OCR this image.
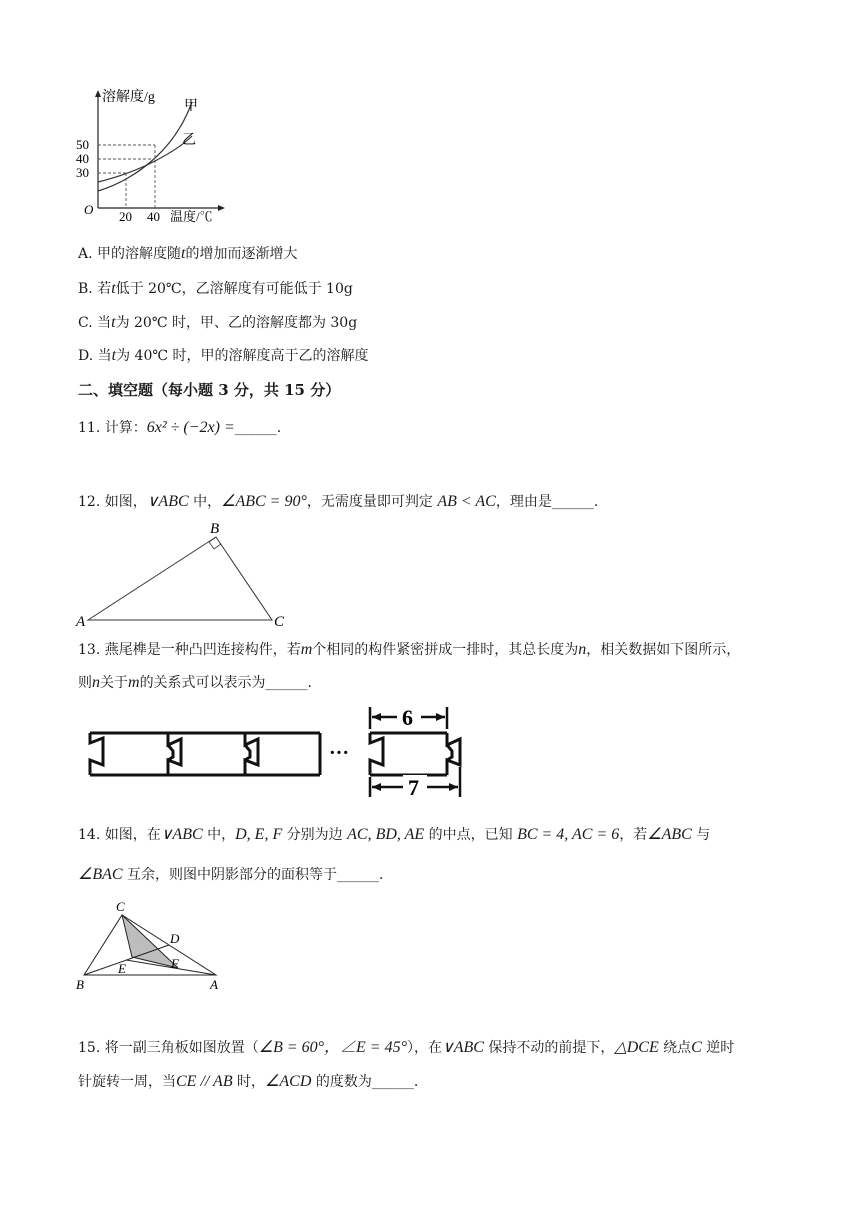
溶解度/g
甲
乙
50
40
30
O 20 40 温度/℃
A. 甲的溶解度随t的增加而逐渐增大
B. 若t低于 20℃，乙溶解度有可能低于 10g
C. 当t为 20℃ 时，甲、乙的溶解度都为 30g
D. 当t为 40℃ 时，甲的溶解度高于乙的溶解度
二、填空题（每小题 3 分，共 15 分）
11. 计算：6x² ÷ (−2x) =______.
12. 如图，∨ABC 中，∠ABC = 90°，无需度量即可判定 AB < AC，理由是______.
A
B
C
13. 燕尾榫是一种凸凹连接构件，若m个相同的构件紧密拼成一排时，其总长度为n，相关数据如下图所示，
则n关于m的关系式可以表示为______.
6
7
···
14. 如图，在∨ABC 中，D, E, F 分别为边 AC, BD, AE 的中点，已知 BC = 4, AC = 6，若∠ABC 与
∠BAC 互余，则图中阴影部分的面积等于______.
C
D
F
E
B	A
15. 将一副三角板如图放置（∠B = 60°，∠E = 45°），在∨ABC 保持不动的前提下，△DCE 绕点C 逆时
针旋转一周，当CE // AB 时，∠ACD 的度数为______.
